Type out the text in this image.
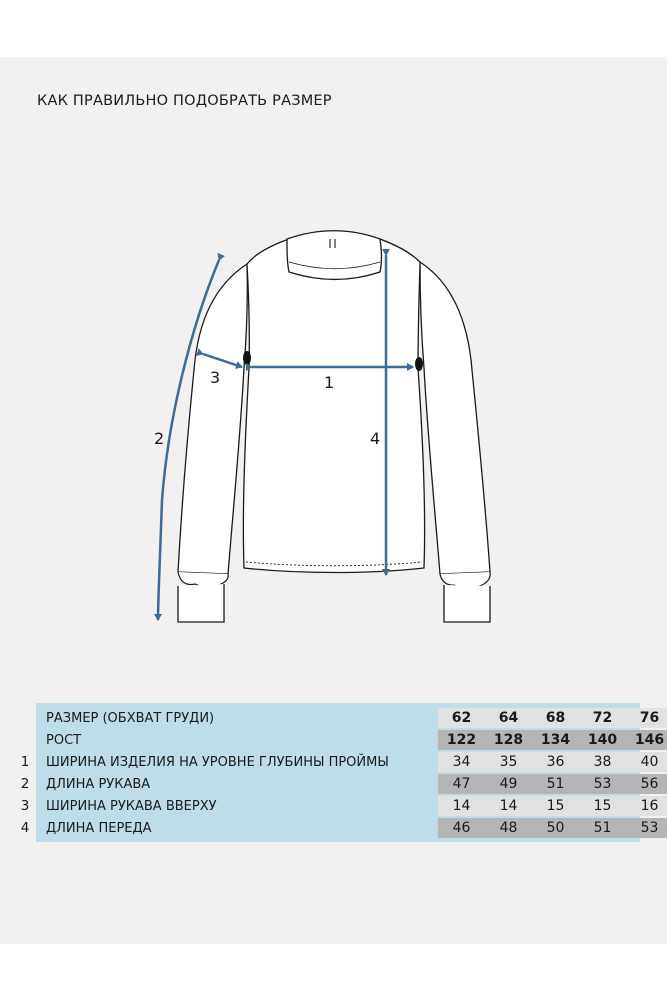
КАК ПРАВИЛЬНО ПОДОБРАТЬ РАЗМЕР
1
2
3
4
1
2
3
4
РАЗМЕР (ОБХВАТ ГРУДИ)	62	64	68	72	76
РОСТ	122	128	134	140	146
ШИРИНА ИЗДЕЛИЯ НА УРОВНЕ ГЛУБИНЫ ПРОЙМЫ	34	35	36	38	40
ДЛИНА РУКАВА	47	49	51	53	56
ШИРИНА РУКАВА ВВЕРХУ	14	14	15	15	16
ДЛИНА ПЕРЕДА	46	48	50	51	53
